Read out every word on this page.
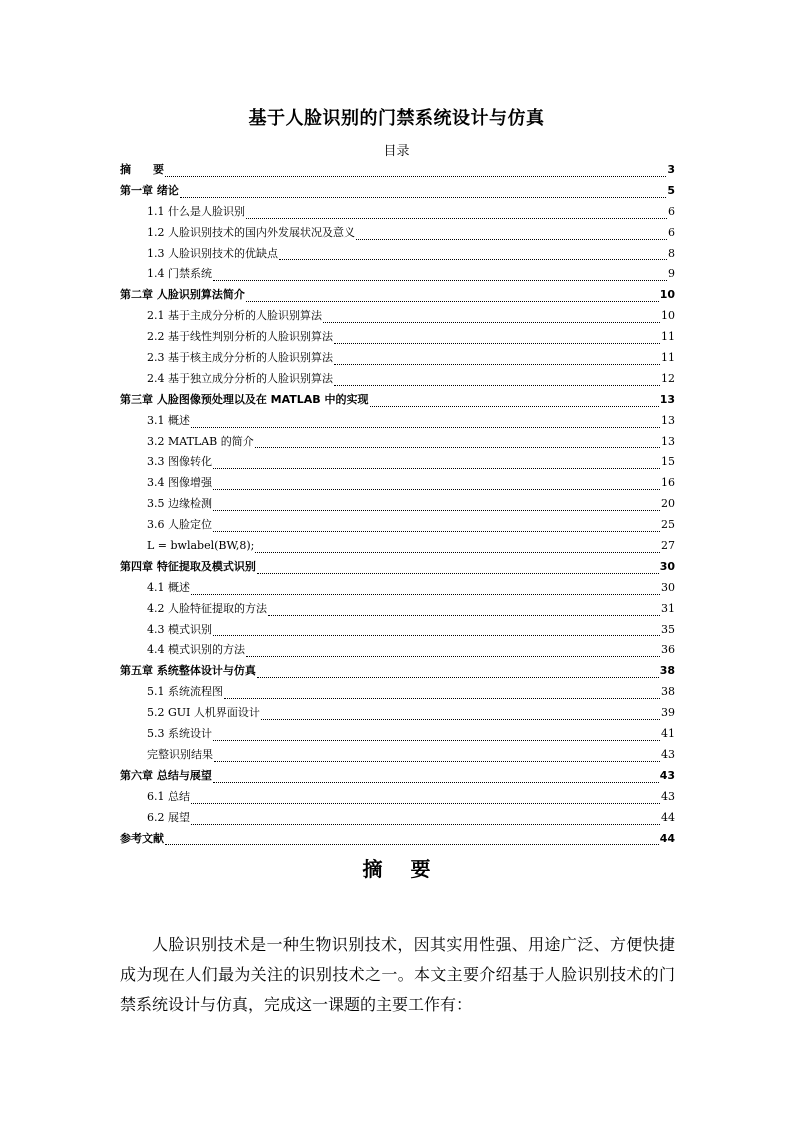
基于人脸识别的门禁系统设计与仿真
目录
摘　　要	3
第一章 绪论	5
1.1 什么是人脸识别	6
1.2 人脸识别技术的国内外发展状况及意义	6
1.3 人脸识别技术的优缺点	8
1.4 门禁系统	9
第二章 人脸识别算法简介	10
2.1 基于主成分分析的人脸识别算法	10
2.2 基于线性判别分析的人脸识别算法	11
2.3 基于核主成分分析的人脸识别算法	11
2.4 基于独立成分分析的人脸识别算法	12
第三章 人脸图像预处理以及在 MATLAB 中的实现	13
3.1 概述	13
3.2 MATLAB 的简介	13
3.3 图像转化	15
3.4 图像增强	16
3.5 边缘检测	20
3.6 人脸定位	25
L = bwlabel(BW,8);	27
第四章 特征提取及模式识别	30
4.1 概述	30
4.2 人脸特征提取的方法	31
4.3 模式识别	35
4.4 模式识别的方法	36
第五章 系统整体设计与仿真	38
5.1 系统流程图	38
5.2 GUI 人机界面设计	39
5.3 系统设计	41
完整识别结果	43
第六章 总结与展望	43
6.1 总结	43
6.2 展望	44
参考文献	44
摘要
人脸识别技术是一种生物识别技术，因其实用性强、用途广泛、方便快捷成为现在人们最为关注的识别技术之一。本文主要介绍基于人脸识别技术的门禁系统设计与仿真，完成这一课题的主要工作有：
